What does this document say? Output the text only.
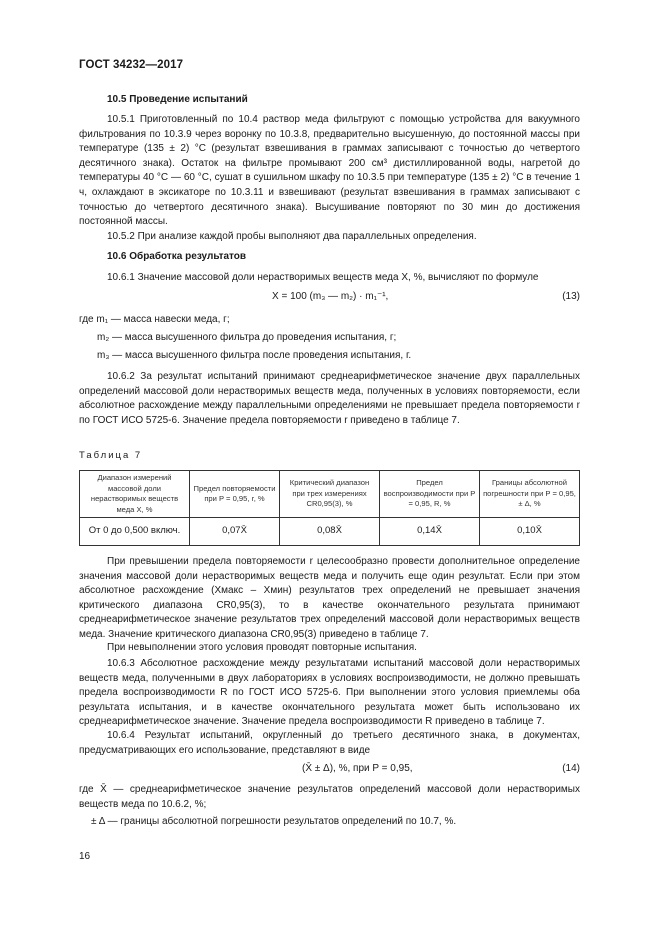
ГОСТ 34232—2017
10.5 Проведение испытаний
10.5.1 Приготовленный по 10.4 раствор меда фильтруют с помощью устройства для вакуумного фильтрования по 10.3.9 через воронку по 10.3.8, предварительно высушенную, до постоянной массы при температуре (135 ± 2) °С (результат взвешивания в граммах записывают с точностью до четвертого десятичного знака). Остаток на фильтре промывают 200 см³ дистиллированной воды, нагретой до температуры 40 °С — 60 °С, сушат в сушильном шкафу по 10.3.5 при температуре (135 ± 2) °С в течение 1 ч, охлаждают в эксикаторе по 10.3.11 и взвешивают (результат взвешивания в граммах записывают с точностью до четвертого десятичного знака). Высушивание повторяют по 30 мин до достижения постоянной массы.
10.5.2 При анализе каждой пробы выполняют два параллельных определения.
10.6 Обработка результатов
10.6.1 Значение массовой доли нерастворимых веществ меда X, %, вычисляют по формуле
X = 100 (m₃ — m₂) · m₁⁻¹,	(13)
где m₁ — масса навески меда, г;
m₂ — масса высушенного фильтра до проведения испытания, г;
m₃ — масса высушенного фильтра после проведения испытания, г.
10.6.2 За результат испытаний принимают среднеарифметическое значение двух параллельных определений массовой доли нерастворимых веществ меда, полученных в условиях повторяемости, если абсолютное расхождение между параллельными определениями не превышает предела повторяемости r по ГОСТ ИСО 5725-6. Значение предела повторяемости r приведено в таблице 7.
Таблица 7
Диапазон измерений массовой доли нерастворимых веществ меда X, %	Предел повторяемости при P = 0,95, r, %	Критический диапазон при трех измерениях CR0,95(3), %	Предел воспроизводимости при P = 0,95, R, %	Границы абсолютной погрешности при P = 0,95,± Δ, %
От 0 до 0,500 включ.	0,07X̄	0,08X̄	0,14X̄	0,10X̄
При превышении предела повторяемости r целесообразно провести дополнительное определение значения массовой доли нерастворимых веществ меда и получить еще один результат. Если при этом абсолютное расхождение (Xмакс – Xмин) результатов трех определений не превышает значения критического диапазона CR0,95(3), то в качестве окончательного результата принимают среднеарифметическое значение результатов трех определений массовой доли нерастворимых веществ меда. Значение критического диапазона CR0,95(3) приведено в таблице 7.
При невыполнении этого условия проводят повторные испытания.
10.6.3 Абсолютное расхождение между результатами испытаний массовой доли нерастворимых веществ меда, полученными в двух лабораториях в условиях воспроизводимости, не должно превышать предела воспроизводимости R по ГОСТ ИСО 5725-6. При выполнении этого условия приемлемы оба результата испытания, и в качестве окончательного результата может быть использовано их среднеарифметическое значение. Значение предела воспроизводимости R приведено в таблице 7.
10.6.4 Результат испытаний, округленный до третьего десятичного знака, в документах, предусматривающих его использование, представляют в виде
(X̄ ± Δ), %, при P = 0,95,	(14)
где X̄ — среднеарифметическое значение результатов определений массовой доли нерастворимых веществ меда по 10.6.2, %;
± Δ — границы абсолютной погрешности результатов определений по 10.7, %.
16
